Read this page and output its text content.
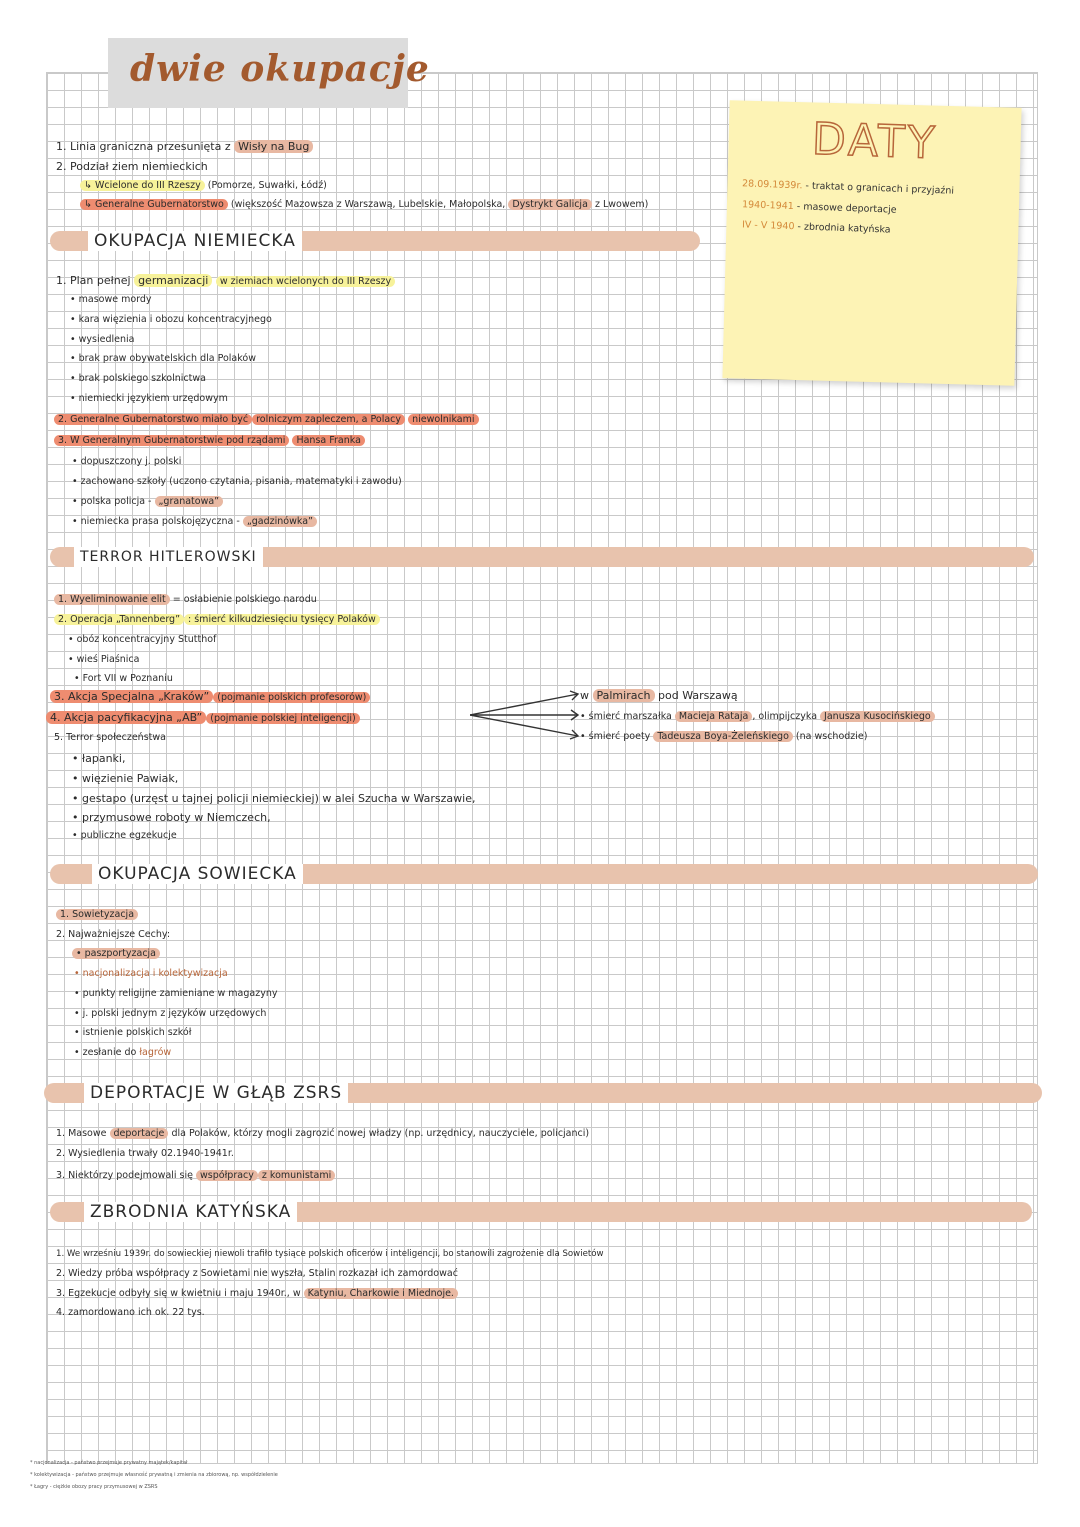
dwie okupacje
DATY
28.09.1939r. - traktat o granicach i przyjaźni
1940-1941 - masowe deportacje
IV - V 1940 - zbrodnia katyńska
1. Linia graniczna przesunięta z Wisły na Bug
2. Podział ziem niemieckich
↳ Wcielone do III Rzeszy (Pomorze, Suwałki, Łódź)
↳ Generalne Gubernatorstwo (większość Mazowsza z Warszawą, Lubelskie, Małopolska, Dystrykt Galicja z Lwowem)
OKUPACJA NIEMIECKA
1. Plan pełnej germanizacji w ziemiach wcielonych do III Rzeszy
• masowe mordy
• kara więzienia i obozu koncentracyjnego
• wysiedlenia
• brak praw obywatelskich dla Polaków
• brak polskiego szkolnictwa
• niemiecki językiem urzędowym
2. Generalne Gubernatorstwo miało być rolniczym zapleczem, a Polacy niewolnikami
3. W Generalnym Gubernatorstwie pod rządami Hansa Franka
• dopuszczony j. polski
• zachowano szkoły (uczono czytania, pisania, matematyki i zawodu)
• polska policja - „granatowa”
• niemiecka prasa polskojęzyczna - „gadzinówka”
TERROR HITLEROWSKI
1. Wyeliminowanie elit = osłabienie polskiego narodu
2. Operacja „Tannenberg” : śmierć kilkudziesięciu tysięcy Polaków
• obóz koncentracyjny Stutthof
• wieś Piaśnica
• Fort VII w Poznaniu
3. Akcja Specjalna „Kraków” (pojmanie polskich profesorów)
4. Akcja pacyfikacyjna „AB” (pojmanie polskiej inteligencji)
5. Terror społeczeństwa
• łapanki,
• więzienie Pawiak,
• gestapo (urzęst u tajnej policji niemieckiej) w alei Szucha w Warszawie,
• przymusowe roboty w Niemczech,
• publiczne egzekucje
w Palmirach pod Warszawą
• śmierć marszałka Macieja Rataja , olimpijczyka Janusza Kusocińskiego
• śmierć poety Tadeusza Boya-Żeleńskiego (na wschodzie)
OKUPACJA SOWIECKA
1. Sowietyzacja
2. Najważniejsze Cechy:
• paszportyzacja
• nacjonalizacja i kolektywizacja
• punkty religijne zamieniane w magazyny
• j. polski jednym z języków urzędowych
• istnienie polskich szkół
• zesłanie do łagrów
DEPORTACJE W GŁĄB ZSRS
1. Masowe deportacje dla Polaków, którzy mogli zagrozić nowej władzy (np. urzędnicy, nauczyciele, policjanci)
2. Wysiedlenia trwały 02.1940-1941r.
3. Niektórzy podejmowali się współpracy z komunistami
ZBRODNIA KATYŃSKA
1. We wrześniu 1939r. do sowieckiej niewoli trafiło tysiące polskich oficerów i inteligencji, bo stanowili zagrożenie dla Sowietów
2. Wiedzy próba współpracy z Sowietami nie wyszła, Stalin rozkazał ich zamordować
3. Egzekucje odbyły się w kwietniu i maju 1940r., w Katyniu, Charkowie i Miednoje.
4. zamordowano ich ok. 22 tys.
* nacjonalizacja - państwo przejmuje prywatny majątek/kapitał
* kolektywizacja - państwo przejmuje własność prywatną i zmienia na zbiorową, np. współdzielenie
* Łagry - ciężkie obozy pracy przymusowej w ZSRS
